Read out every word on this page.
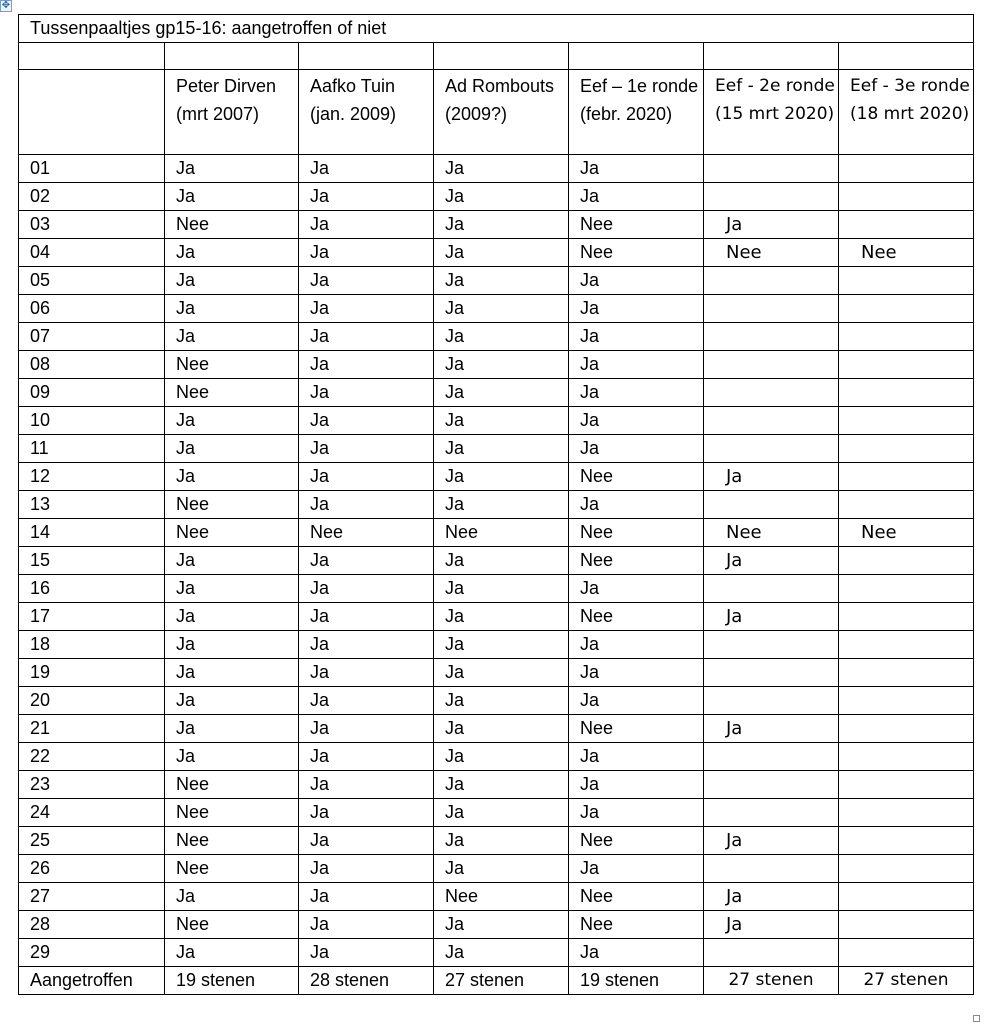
✥
Tussenpaaltjes gp15-16: aangetroffen of niet						

	Peter Dirven (mrt 2007)	Aafko Tuin (jan. 2009)	Ad Rombouts (2009?)	Eef – 1e ronde (febr. 2020)	Eef - 2e ronde (15 mrt 2020)	Eef - 3e ronde (18 mrt 2020)
01	Ja	Ja	Ja	Ja		
02	Ja	Ja	Ja	Ja		
03	Nee	Ja	Ja	Nee	Ja	
04	Ja	Ja	Ja	Nee	Nee	Nee
05	Ja	Ja	Ja	Ja		
06	Ja	Ja	Ja	Ja		
07	Ja	Ja	Ja	Ja		
08	Nee	Ja	Ja	Ja		
09	Nee	Ja	Ja	Ja		
10	Ja	Ja	Ja	Ja		
11	Ja	Ja	Ja	Ja		
12	Ja	Ja	Ja	Nee	Ja	
13	Nee	Ja	Ja	Ja		
14	Nee	Nee	Nee	Nee	Nee	Nee
15	Ja	Ja	Ja	Nee	Ja	
16	Ja	Ja	Ja	Ja		
17	Ja	Ja	Ja	Nee	Ja	
18	Ja	Ja	Ja	Ja		
19	Ja	Ja	Ja	Ja		
20	Ja	Ja	Ja	Ja		
21	Ja	Ja	Ja	Nee	Ja	
22	Ja	Ja	Ja	Ja		
23	Nee	Ja	Ja	Ja		
24	Nee	Ja	Ja	Ja		
25	Nee	Ja	Ja	Nee	Ja	
26	Nee	Ja	Ja	Ja		
27	Ja	Ja	Nee	Nee	Ja	
28	Nee	Ja	Ja	Nee	Ja	
29	Ja	Ja	Ja	Ja		
Aangetroffen	19 stenen	28 stenen	27 stenen	19 stenen	27 stenen	27 stenen
